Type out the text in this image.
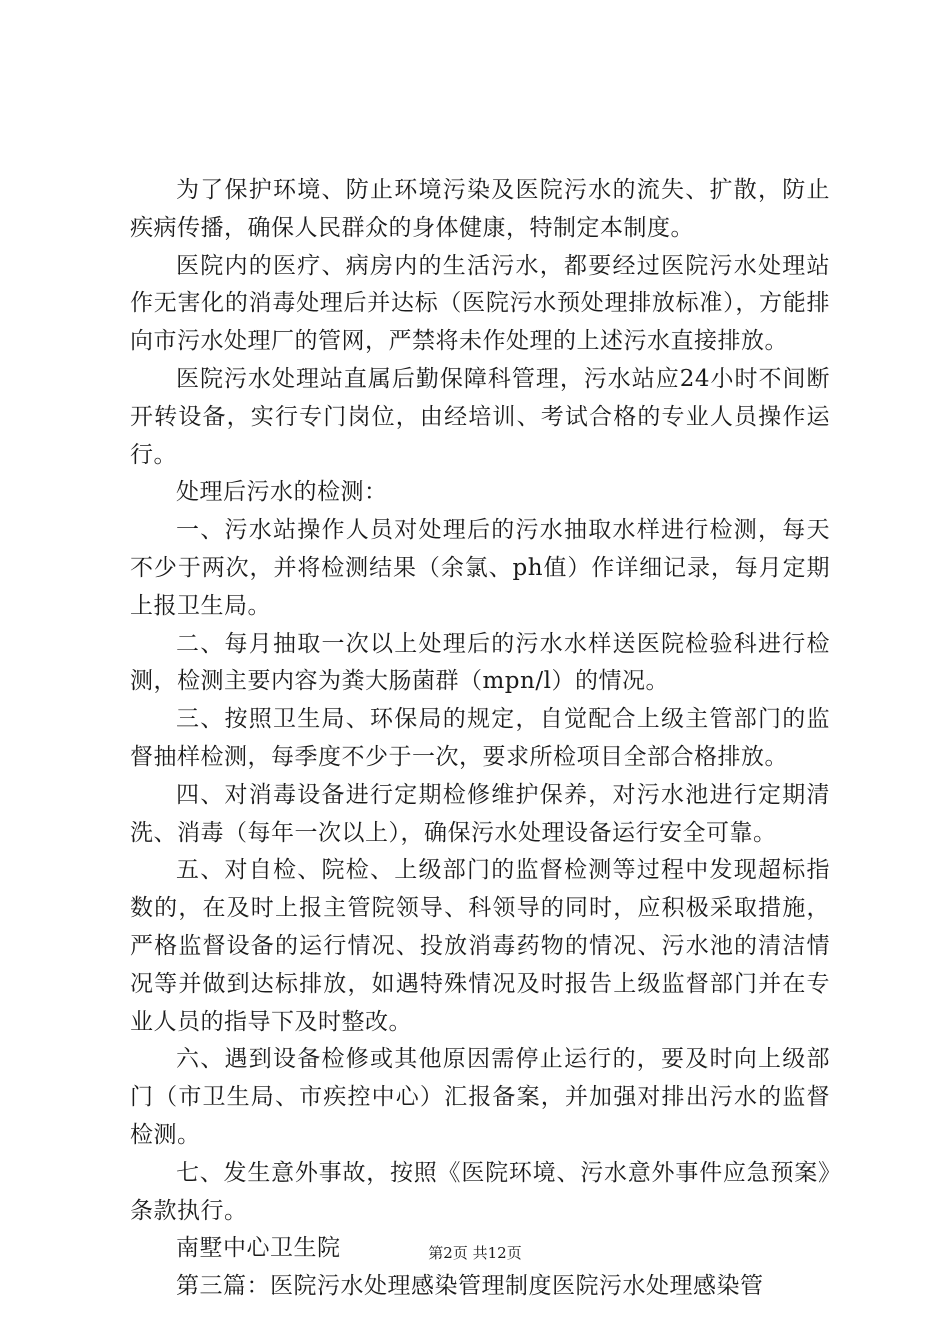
为了保护环境、防止环境污染及医院污水的流失、扩散，防止疾病传播，确保人民群众的身体健康，特制定本制度。

医院内的医疗、病房内的生活污水，都要经过医院污水处理站作无害化的消毒处理后并达标（医院污水预处理排放标准），方能排向市污水处理厂的管网，严禁将未作处理的上述污水直接排放。

医院污水处理站直属后勤保障科管理，污水站应24小时不间断开转设备，实行专门岗位，由经培训、考试合格的专业人员操作运行。

处理后污水的检测：

一、污水站操作人员对处理后的污水抽取水样进行检测，每天不少于两次，并将检测结果（余氯、ph值）作详细记录，每月定期上报卫生局。

二、每月抽取一次以上处理后的污水水样送医院检验科进行检测，检测主要内容为粪大肠菌群（mpn/l）的情况。

三、按照卫生局、环保局的规定，自觉配合上级主管部门的监督抽样检测，每季度不少于一次，要求所检项目全部合格排放。

四、对消毒设备进行定期检修维护保养，对污水池进行定期清洗、消毒（每年一次以上），确保污水处理设备运行安全可靠。

五、对自检、院检、上级部门的监督检测等过程中发现超标指数的，在及时上报主管院领导、科领导的同时，应积极采取措施，严格监督设备的运行情况、投放消毒药物的情况、污水池的清洁情况等并做到达标排放，如遇特殊情况及时报告上级监督部门并在专业人员的指导下及时整改。

六、遇到设备检修或其他原因需停止运行的，要及时向上级部门（市卫生局、市疾控中心）汇报备案，并加强对排出污水的监督检测。

七、发生意外事故，按照《医院环境、污水意外事件应急预案》条款执行。

南墅中心卫生院

第三篇：医院污水处理感染管理制度医院污水处理感染管

第2页 共12页
